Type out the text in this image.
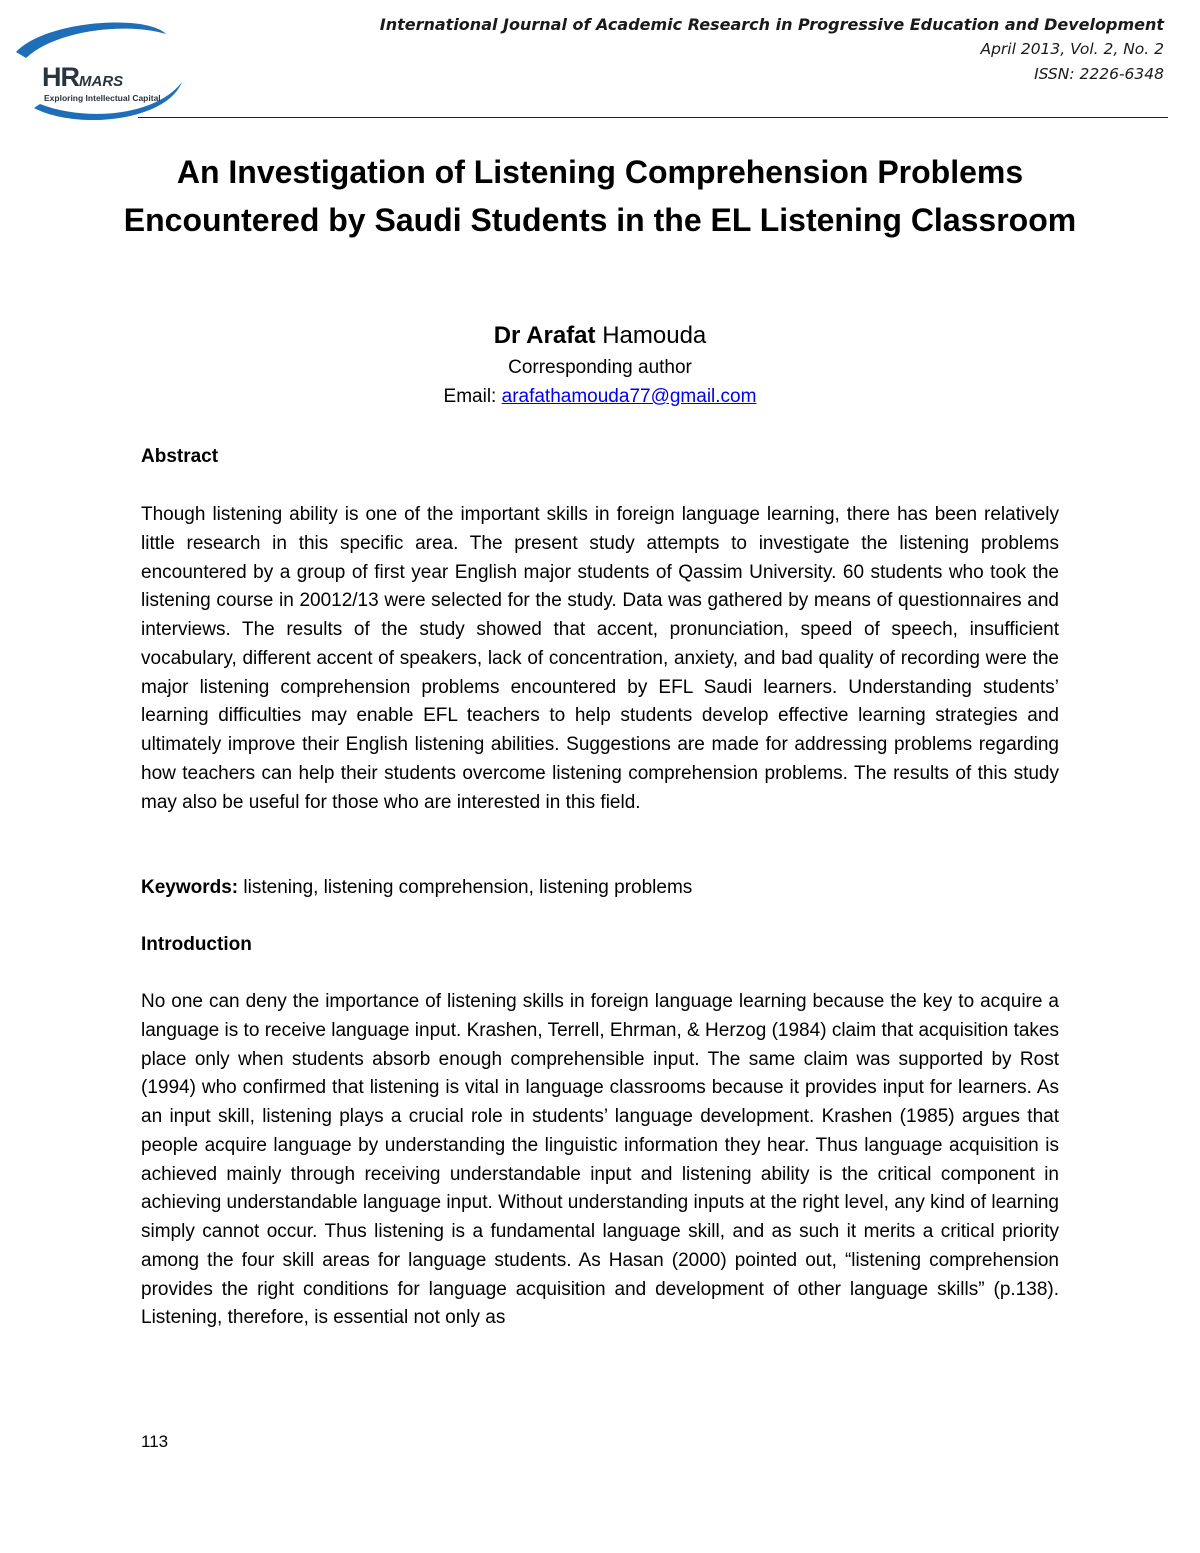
HRMARS
Exploring Intellectual Capital
International Journal of Academic Research in Progressive Education and Development
April 2013, Vol. 2, No. 2
ISSN: 2226-6348
An Investigation of Listening Comprehension Problems Encountered by Saudi Students in the EL Listening Classroom
Dr Arafat Hamouda
Corresponding author
Email: arafathamouda77@gmail.com
Abstract
Though listening ability is one of the important skills in foreign language learning, there has been relatively little research in this specific area. The present study attempts to investigate the listening problems encountered by a group of first year English major students of Qassim University. 60 students who took the listening course in 20012/13 were selected for the study. Data was gathered by means of questionnaires and interviews. The results of the study showed that accent, pronunciation, speed of speech, insufficient vocabulary, different accent of speakers, lack of concentration, anxiety, and bad quality of recording were the major listening comprehension problems encountered by EFL Saudi learners. Understanding students’ learning difficulties may enable EFL teachers to help students develop effective learning strategies and ultimately improve their English listening abilities. Suggestions are made for addressing problems regarding how teachers can help their students overcome listening comprehension problems. The results of this study may also be useful for those who are interested in this field.
Keywords: listening, listening comprehension, listening problems
Introduction
No one can deny the importance of listening skills in foreign language learning because the key to acquire a language is to receive language input. Krashen, Terrell, Ehrman, & Herzog (1984) claim that acquisition takes place only when students absorb enough comprehensible input. The same claim was supported by Rost (1994) who confirmed that listening is vital in language classrooms because it provides input for learners. As an input skill, listening plays a crucial role in students’ language development. Krashen (1985) argues that people acquire language by understanding the linguistic information they hear. Thus language acquisition is achieved mainly through receiving understandable input and listening ability is the critical component in achieving understandable language input. Without understanding inputs at the right level, any kind of learning simply cannot occur. Thus listening is a fundamental language skill, and as such it merits a critical priority among the four skill areas for language students. As Hasan (2000) pointed out, “listening comprehension provides the right conditions for language acquisition and development of other language skills” (p.138). Listening, therefore, is essential not only as
113
